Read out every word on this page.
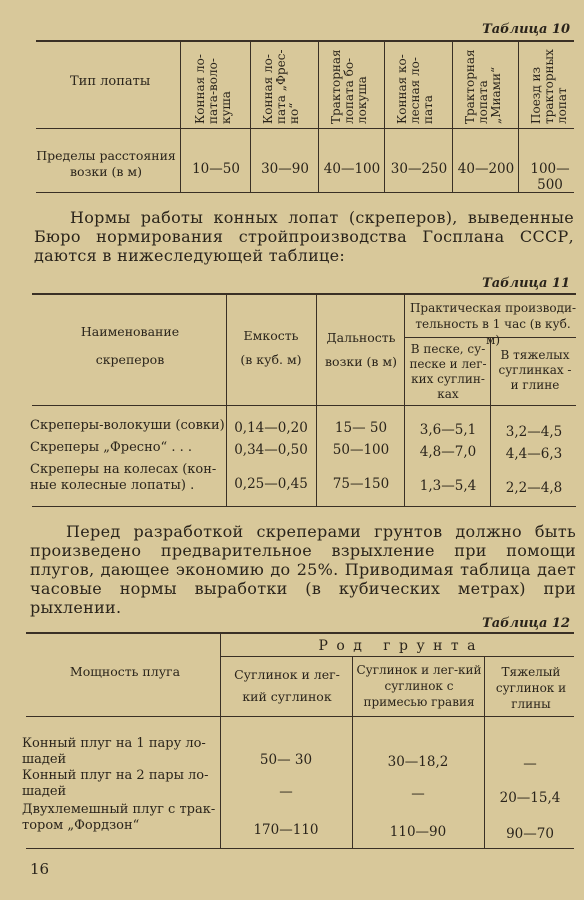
Таблица 10
Тип лопаты	Конная ло-пата-воло-куша	Конная ло-пата „Фрес-но“	Тракторная лопата бо-локуша	Конная ко-лесная ло-пата	Тракторная лопата „Миами“	Поезд из тракторных лопат
Пределы расстояния возки (в м)	10—50	30—90	40—100 30—250 40—200	100—500
Нормы работы конных лопат (скреперов), выведенные Бюро нормирования стройпроизводства Госплана СССР, даются в нижеследующей таблице:
Таблица 11
Наименование
скреперов
Емкость
(в куб. м)
Дальность
возки (в м)
Практическая производи-тельность в 1 час (в куб. м)
В песке, су-песке и лег-ких суглин-ках
В тяжелых суглинках - и глине
Скреперы-волокуши (совки) 0,14—0,20	15— 50	3,6—5,1	3,2—4,5
Скреперы „Фресно“ . . .	0,34—0,50	50—100	4,8—7,0	4,4—6,3
Скреперы на колесах (кон-ные колесные лопаты) .	0,25—0,45	75—150	1,3—5,4	2,2—4,8
Перед разработкой скреперами грунтов должно быть произведено предварительное взрыхление при помощи плугов, дающее экономию до 25%. Приводимая таблица дает часовые нормы выработки (в кубических метрах) при рыхлении.
Таблица 12
Мощность плуга
Р о д   г р у н т а
Суглинок и лег-кий суглинок
Суглинок и лег-кий суглинок с примесью гравия
Тяжелый суглинок и глины
Конный плуг на 1 пару ло-шадей	50— 30	30—18,2	—
Конный плуг на 2 пары ло-шадей	—	—	20—15,4
Двухлемешный плуг с трак-тором „Фордзон“	170—110	110—90	90—70
16
